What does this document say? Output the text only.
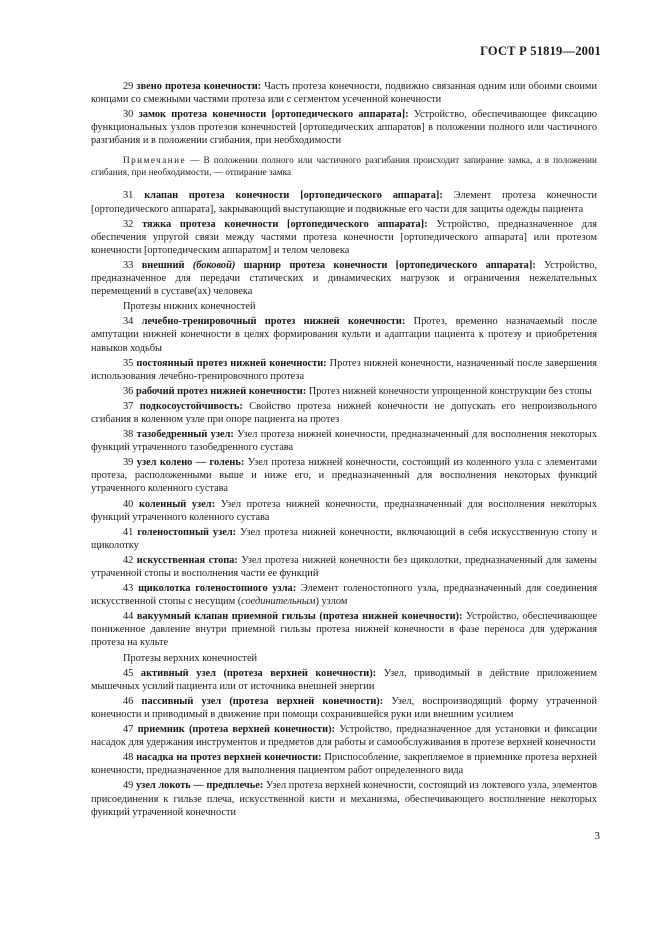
ГОСТ Р 51819—2001

29 звено протеза конечности: Часть протеза конечности, подвижно связанная одним или обоими своими концами со смежными частями протеза или с сегментом усеченной конечности

30 замок протеза конечности [ортопедического аппарата]: Устройство, обеспечивающее фиксацию функциональных узлов протезов конечностей [ортопедических аппаратов] в положении полного или частичного разгибания и в положении сгибания, при необходимости

Примечание — В положении полного или частичного разгибания происходит запирание замка, а в положении сгибания, при необходимости, — отпирание замка

31 клапан протеза конечности [ортопедического аппарата]: Элемент протеза конечности [ортопедического аппарата], закрывающий выступающие и подвижные его части для защиты одежды пациента

32 тяжка протеза конечности [ортопедического аппарата]: Устройство, предназначенное для обеспечения упругой связи между частями протеза конечности [ортопедического аппарата] или протезом конечности [ортопедическим аппаратом] и телом человека

33 внешний (боковой) шарнир протеза конечности [ортопедического аппарата]: Устройство, предназначенное для передачи статических и динамических нагрузок и ограничения нежелательных перемещений в суставе(ах) человека

Протезы нижних конечностей

34 лечебно-тренировочный протез нижней конечности: Протез, временно назначаемый после ампутации нижней конечности в целях формирования культи и адаптации пациента к протезу и приобретения навыков ходьбы

35 постоянный протез нижней конечности: Протез нижней конечности, назначенный после завершения использования лечебно-тренировочного протеза

36 рабочий протез нижней конечности: Протез нижней конечности упрощенной конструкции без стопы

37 подкосоустойчивость: Свойство протеза нижней конечности не допускать его непроизвольного сгибания в коленном узле при опоре пациента на протез

38 тазобедренный узел: Узел протеза нижней конечности, предназначенный для восполнения некоторых функций утраченного тазобедренного сустава

39 узел колено — голень: Узел протеза нижней конечности, состоящий из коленного узла с элементами протеза, расположенными выше и ниже его, и предназначенный для восполнения некоторых функций утраченного коленного сустава

40 коленный узел: Узел протеза нижней конечности, предназначенный для восполнения некоторых функций утраченного коленного сустава

41 голеностопный узел: Узел протеза нижней конечности, включающий в себя искусственную стопу и щиколотку

42 искусственная стопа: Узел протеза нижней конечности без щиколотки, предназначенный для замены утраченной стопы и восполнения части ее функций

43 щиколотка голеностопного узла: Элемент голеностопного узла, предназначенный для соединения искусственной стопы с несущим (соединительным) узлом

44 вакуумный клапан приемной гильзы (протеза нижней конечности): Устройство, обеспечивающее пониженное давление внутри приемной гильзы протеза нижней конечности в фазе переноса для удержания протеза на культе

Протезы верхних конечностей

45 активный узел (протеза верхней конечности): Узел, приводимый в действие приложением мышечных усилий пациента или от источника внешней энергии

46 пассивный узел (протеза верхней конечности): Узел, воспроизводящий форму утраченной конечности и приводимый в движение при помощи сохранившейся руки или внешним усилием

47 приемник (протеза верхней конечности): Устройство, предназначенное для установки и фиксации насадок для удержания инструментов и предметов для работы и самообслуживания в протезе верхней конечности

48 насадка на протез верхней конечности: Приспособление, закрепляемое в приемнике протеза верхней конечности, предназначенное для выполнения пациентом работ определенного вида

49 узел локоть — предплечье: Узел протеза верхней конечности, состоящий из локтевого узла, элементов присоединения к гильзе плеча, искусственной кисти и механизма, обеспечивающего восполнение некоторых функций утраченной конечности

3
